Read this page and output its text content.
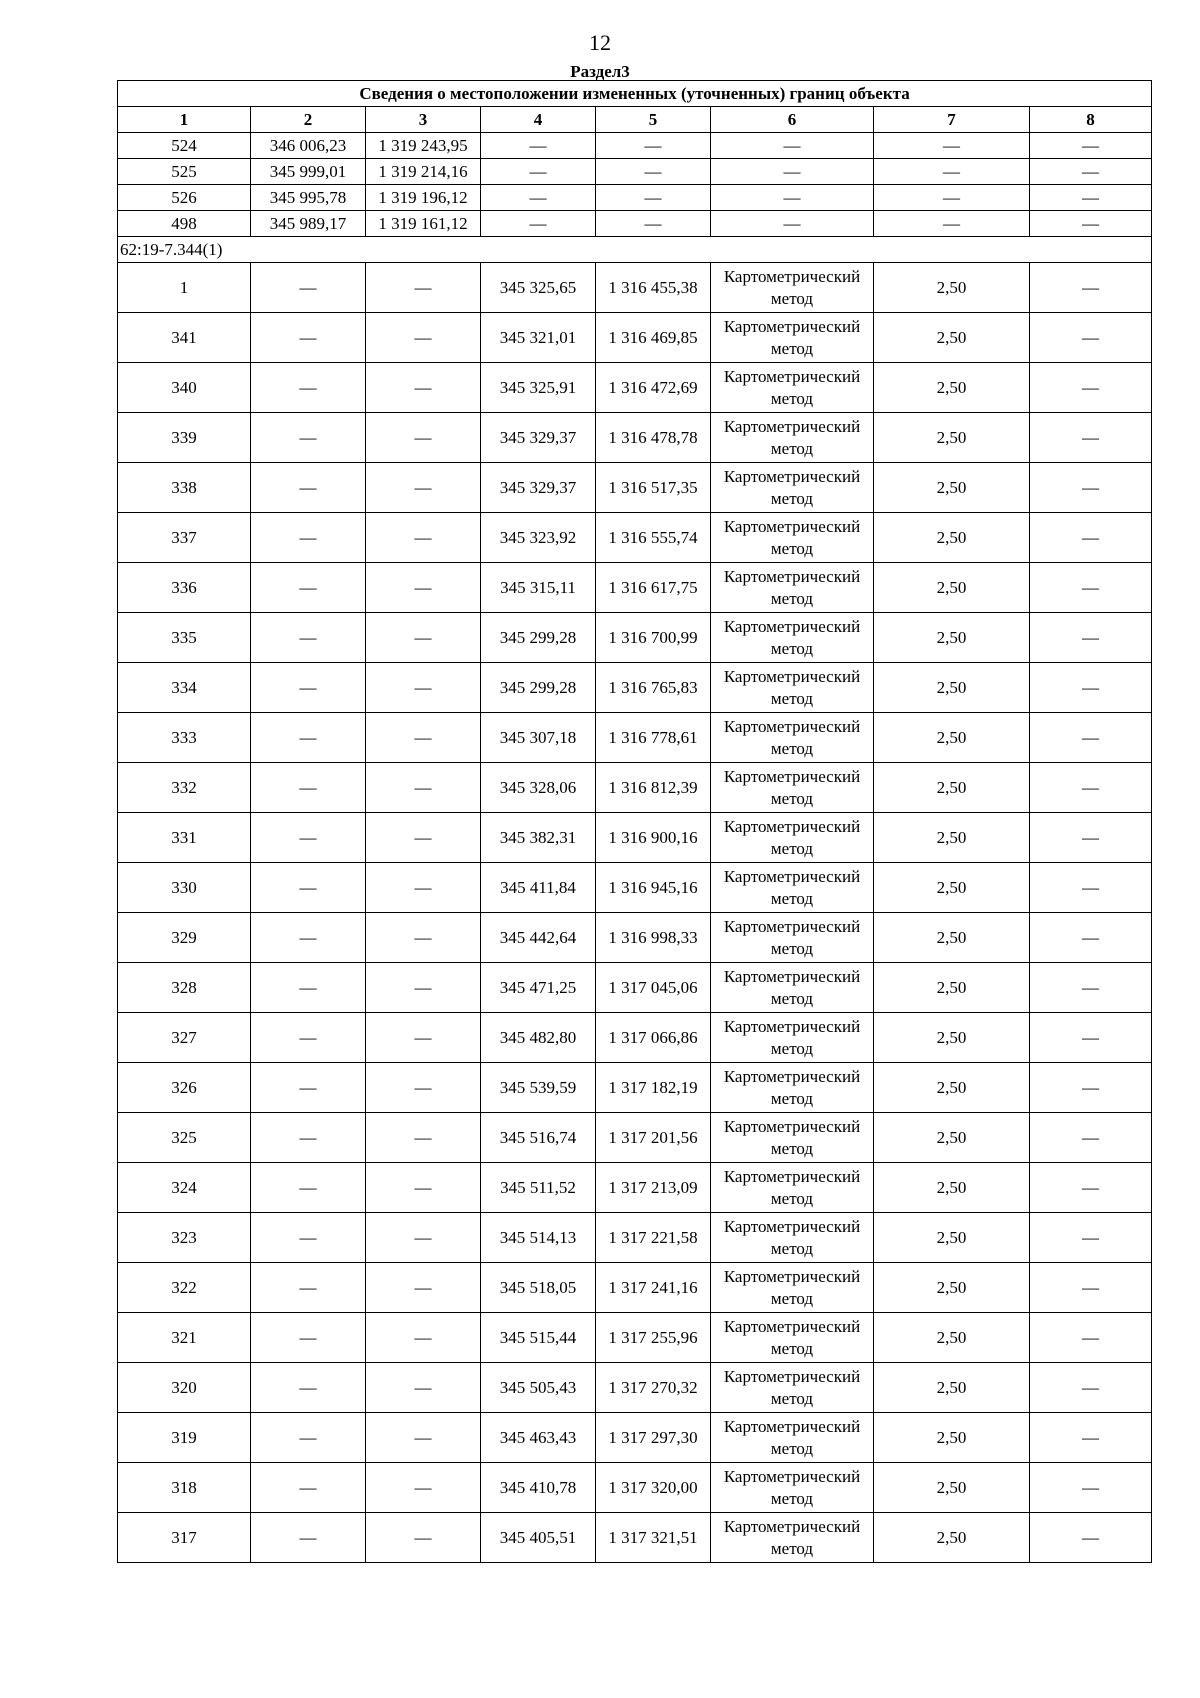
12
Раздел3
Сведения о местоположении измененных (уточненных) границ объекта							
1	2	3	4	5	6	7	8
524	346 006,23	1 319 243,95	—	—	—	—	—
525	345 999,01	1 319 214,16	—	—	—	—	—
526	345 995,78	1 319 196,12	—	—	—	—	—
498	345 989,17	1 319 161,12	—	—	—	—	—
62:19-7.344(1)							
1	—	—	345 325,65	1 316 455,38	Картометрический метод	2,50	—
341	—	—	345 321,01	1 316 469,85	Картометрический метод	2,50	—
340	—	—	345 325,91	1 316 472,69	Картометрический метод	2,50	—
339	—	—	345 329,37	1 316 478,78	Картометрический метод	2,50	—
338	—	—	345 329,37	1 316 517,35	Картометрический метод	2,50	—
337	—	—	345 323,92	1 316 555,74	Картометрический метод	2,50	—
336	—	—	345 315,11	1 316 617,75	Картометрический метод	2,50	—
335	—	—	345 299,28	1 316 700,99	Картометрический метод	2,50	—
334	—	—	345 299,28	1 316 765,83	Картометрический метод	2,50	—
333	—	—	345 307,18	1 316 778,61	Картометрический метод	2,50	—
332	—	—	345 328,06	1 316 812,39	Картометрический метод	2,50	—
331	—	—	345 382,31	1 316 900,16	Картометрический метод	2,50	—
330	—	—	345 411,84	1 316 945,16	Картометрический метод	2,50	—
329	—	—	345 442,64	1 316 998,33	Картометрический метод	2,50	—
328	—	—	345 471,25	1 317 045,06	Картометрический метод	2,50	—
327	—	—	345 482,80	1 317 066,86	Картометрический метод	2,50	—
326	—	—	345 539,59	1 317 182,19	Картометрический метод	2,50	—
325	—	—	345 516,74	1 317 201,56	Картометрический метод	2,50	—
324	—	—	345 511,52	1 317 213,09	Картометрический метод	2,50	—
323	—	—	345 514,13	1 317 221,58	Картометрический метод	2,50	—
322	—	—	345 518,05	1 317 241,16	Картометрический метод	2,50	—
321	—	—	345 515,44	1 317 255,96	Картометрический метод	2,50	—
320	—	—	345 505,43	1 317 270,32	Картометрический метод	2,50	—
319	—	—	345 463,43	1 317 297,30	Картометрический метод	2,50	—
318	—	—	345 410,78	1 317 320,00	Картометрический метод	2,50	—
317	—	—	345 405,51	1 317 321,51	Картометрический метод	2,50	—
